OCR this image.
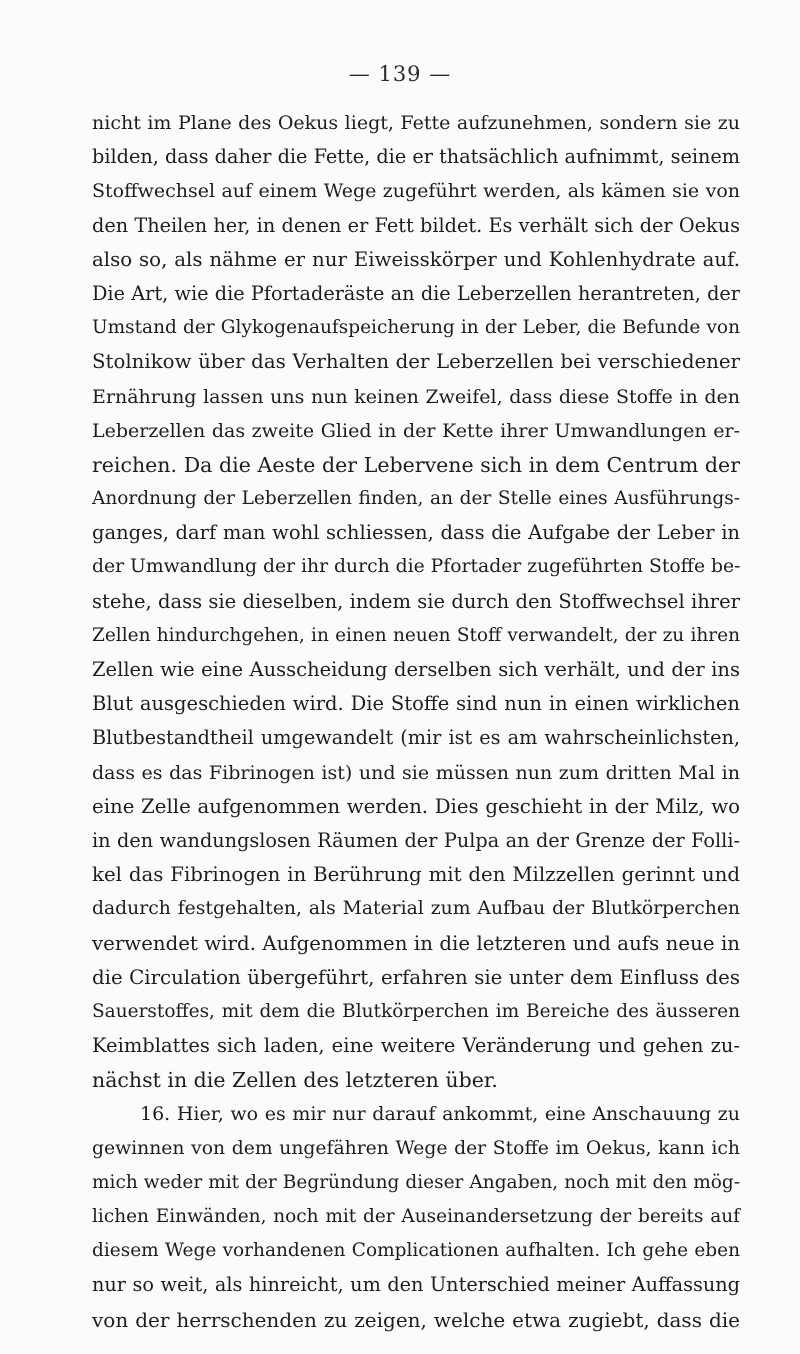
— 139 —
nicht im Plane des Oekus liegt, Fette aufzunehmen, sondern sie zu
bilden, dass daher die Fette, die er thatsächlich aufnimmt, seinem
Stoffwechsel auf einem Wege zugeführt werden, als kämen sie von
den Theilen her, in denen er Fett bildet. Es verhält sich der Oekus
also so, als nähme er nur Eiweisskörper und Kohlenhydrate auf.
Die Art, wie die Pfortaderäste an die Leberzellen herantreten, der
Umstand der Glykogenaufspeicherung in der Leber, die Befunde von
Stolnikow über das Verhalten der Leberzellen bei verschiedener
Ernährung lassen uns nun keinen Zweifel, dass diese Stoffe in den
Leberzellen das zweite Glied in der Kette ihrer Umwandlungen er-
reichen. Da die Aeste der Lebervene sich in dem Centrum der
Anordnung der Leberzellen finden, an der Stelle eines Ausführungs-
ganges, darf man wohl schliessen, dass die Aufgabe der Leber in
der Umwandlung der ihr durch die Pfortader zugeführten Stoffe be-
stehe, dass sie dieselben, indem sie durch den Stoffwechsel ihrer
Zellen hindurchgehen, in einen neuen Stoff verwandelt, der zu ihren
Zellen wie eine Ausscheidung derselben sich verhält, und der ins
Blut ausgeschieden wird. Die Stoffe sind nun in einen wirklichen
Blutbestandtheil umgewandelt (mir ist es am wahrscheinlichsten,
dass es das Fibrinogen ist) und sie müssen nun zum dritten Mal in
eine Zelle aufgenommen werden. Dies geschieht in der Milz, wo
in den wandungslosen Räumen der Pulpa an der Grenze der Folli-
kel das Fibrinogen in Berührung mit den Milzzellen gerinnt und
dadurch festgehalten, als Material zum Aufbau der Blutkörperchen
verwendet wird. Aufgenommen in die letzteren und aufs neue in
die Circulation übergeführt, erfahren sie unter dem Einfluss des
Sauerstoffes, mit dem die Blutkörperchen im Bereiche des äusseren
Keimblattes sich laden, eine weitere Veränderung und gehen zu-
nächst in die Zellen des letzteren über.
16. Hier, wo es mir nur darauf ankommt, eine Anschauung zu
gewinnen von dem ungefähren Wege der Stoffe im Oekus, kann ich
mich weder mit der Begründung dieser Angaben, noch mit den mög-
lichen Einwänden, noch mit der Auseinandersetzung der bereits auf
diesem Wege vorhandenen Complicationen aufhalten. Ich gehe eben
nur so weit, als hinreicht, um den Unterschied meiner Auffassung
von der herrschenden zu zeigen, welche etwa zugiebt, dass die
